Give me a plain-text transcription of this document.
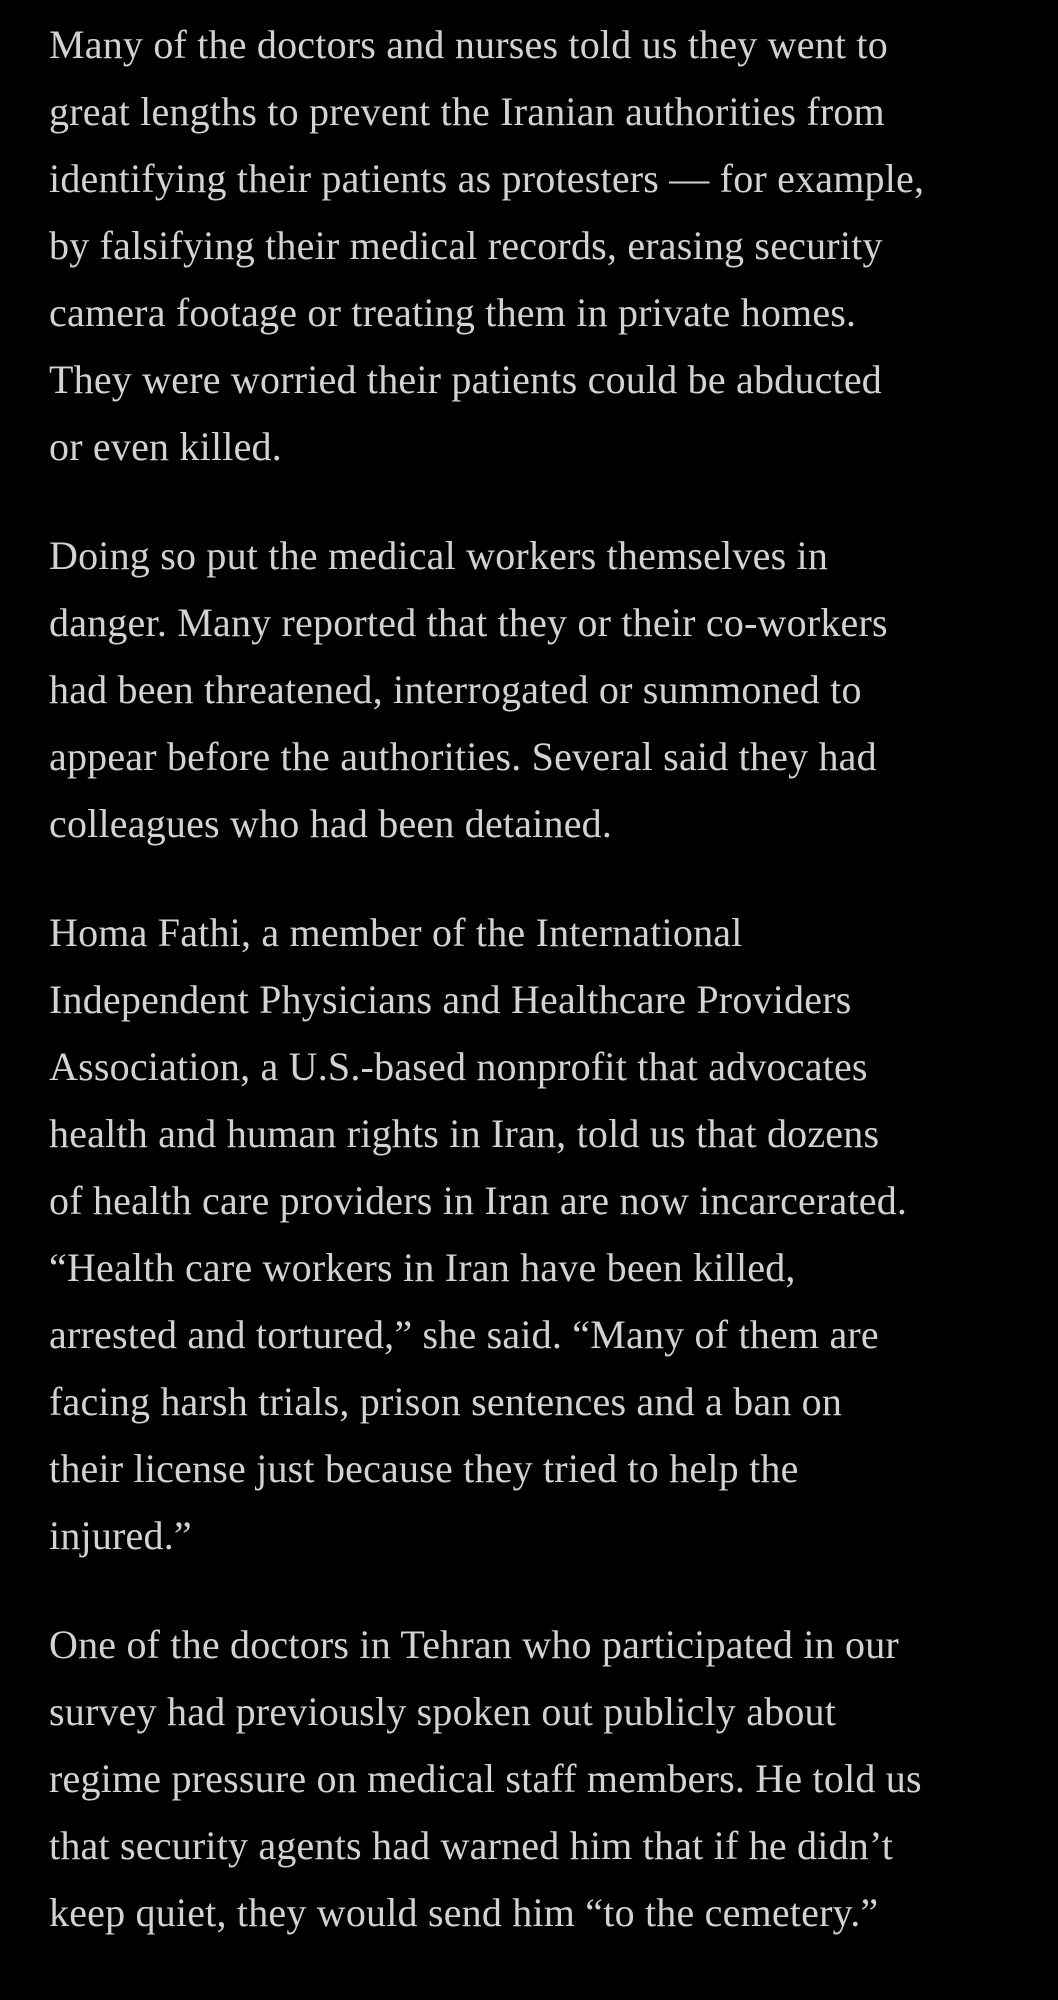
Many of the doctors and nurses told us they went to
great lengths to prevent the Iranian authorities from
identifying their patients as protesters — for example,
by falsifying their medical records, erasing security
camera footage or treating them in private homes.
They were worried their patients could be abducted
or even killed.

Doing so put the medical workers themselves in
danger. Many reported that they or their co-workers
had been threatened, interrogated or summoned to
appear before the authorities. Several said they had
colleagues who had been detained.

Homa Fathi, a member of the International
Independent Physicians and Healthcare Providers
Association, a U.S.-based nonprofit that advocates
health and human rights in Iran, told us that dozens
of health care providers in Iran are now incarcerated.
“Health care workers in Iran have been killed,
arrested and tortured,” she said. “Many of them are
facing harsh trials, prison sentences and a ban on
their license just because they tried to help the
injured.”

One of the doctors in Tehran who participated in our
survey had previously spoken out publicly about
regime pressure on medical staff members. He told us
that security agents had warned him that if he didn’t
keep quiet, they would send him “to the cemetery.”
